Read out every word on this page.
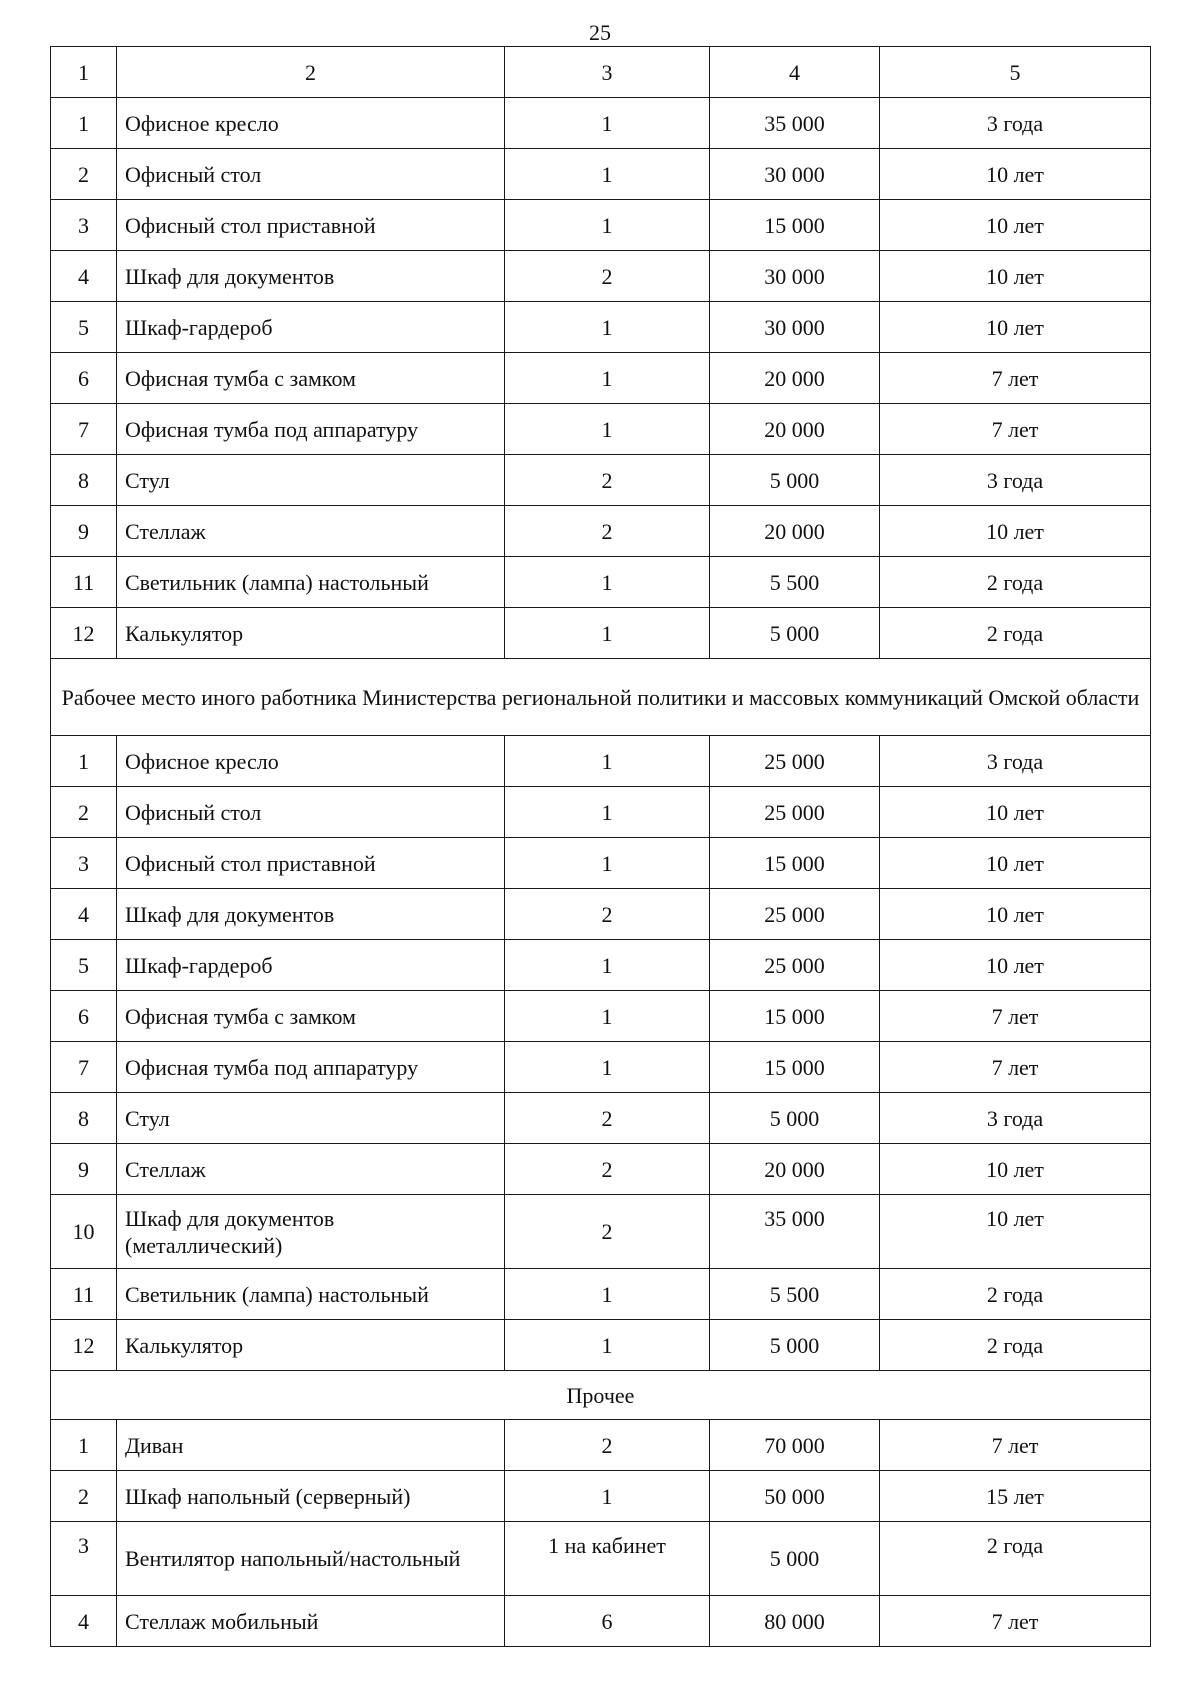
25
1	2	3	4	5
1	Офисное кресло	1	35 000	3 года
2	Офисный стол	1	30 000	10 лет
3	Офисный стол приставной	1	15 000	10 лет
4	Шкаф для документов	2	30 000	10 лет
5	Шкаф-гардероб	1	30 000	10 лет
6	Офисная тумба с замком	1	20 000	7 лет
7	Офисная тумба под аппаратуру	1	20 000	7 лет
8	Стул	2	5 000	3 года
9	Стеллаж	2	20 000	10 лет
11	Светильник (лампа) настольный	1	5 500	2 года
12	Калькулятор	1	5 000	2 года
Рабочее место иного работника Министерства региональной политики и массовых коммуникаций Омской области				
1	Офисное кресло	1	25 000	3 года
2	Офисный стол	1	25 000	10 лет
3	Офисный стол приставной	1	15 000	10 лет
4	Шкаф для документов	2	25 000	10 лет
5	Шкаф-гардероб	1	25 000	10 лет
6	Офисная тумба с замком	1	15 000	7 лет
7	Офисная тумба под аппаратуру	1	15 000	7 лет
8	Стул	2	5 000	3 года
9	Стеллаж	2	20 000	10 лет
10	Шкаф для документов (металлический)	2	35 000	10 лет
11	Светильник (лампа) настольный	1	5 500	2 года
12	Калькулятор	1	5 000	2 года
Прочее				
1	Диван	2	70 000	7 лет
2	Шкаф напольный (серверный)	1	50 000	15 лет
3	Вентилятор напольный/настольный	1 на кабинет	5 000	2 года
4	Стеллаж мобильный	6	80 000	7 лет
